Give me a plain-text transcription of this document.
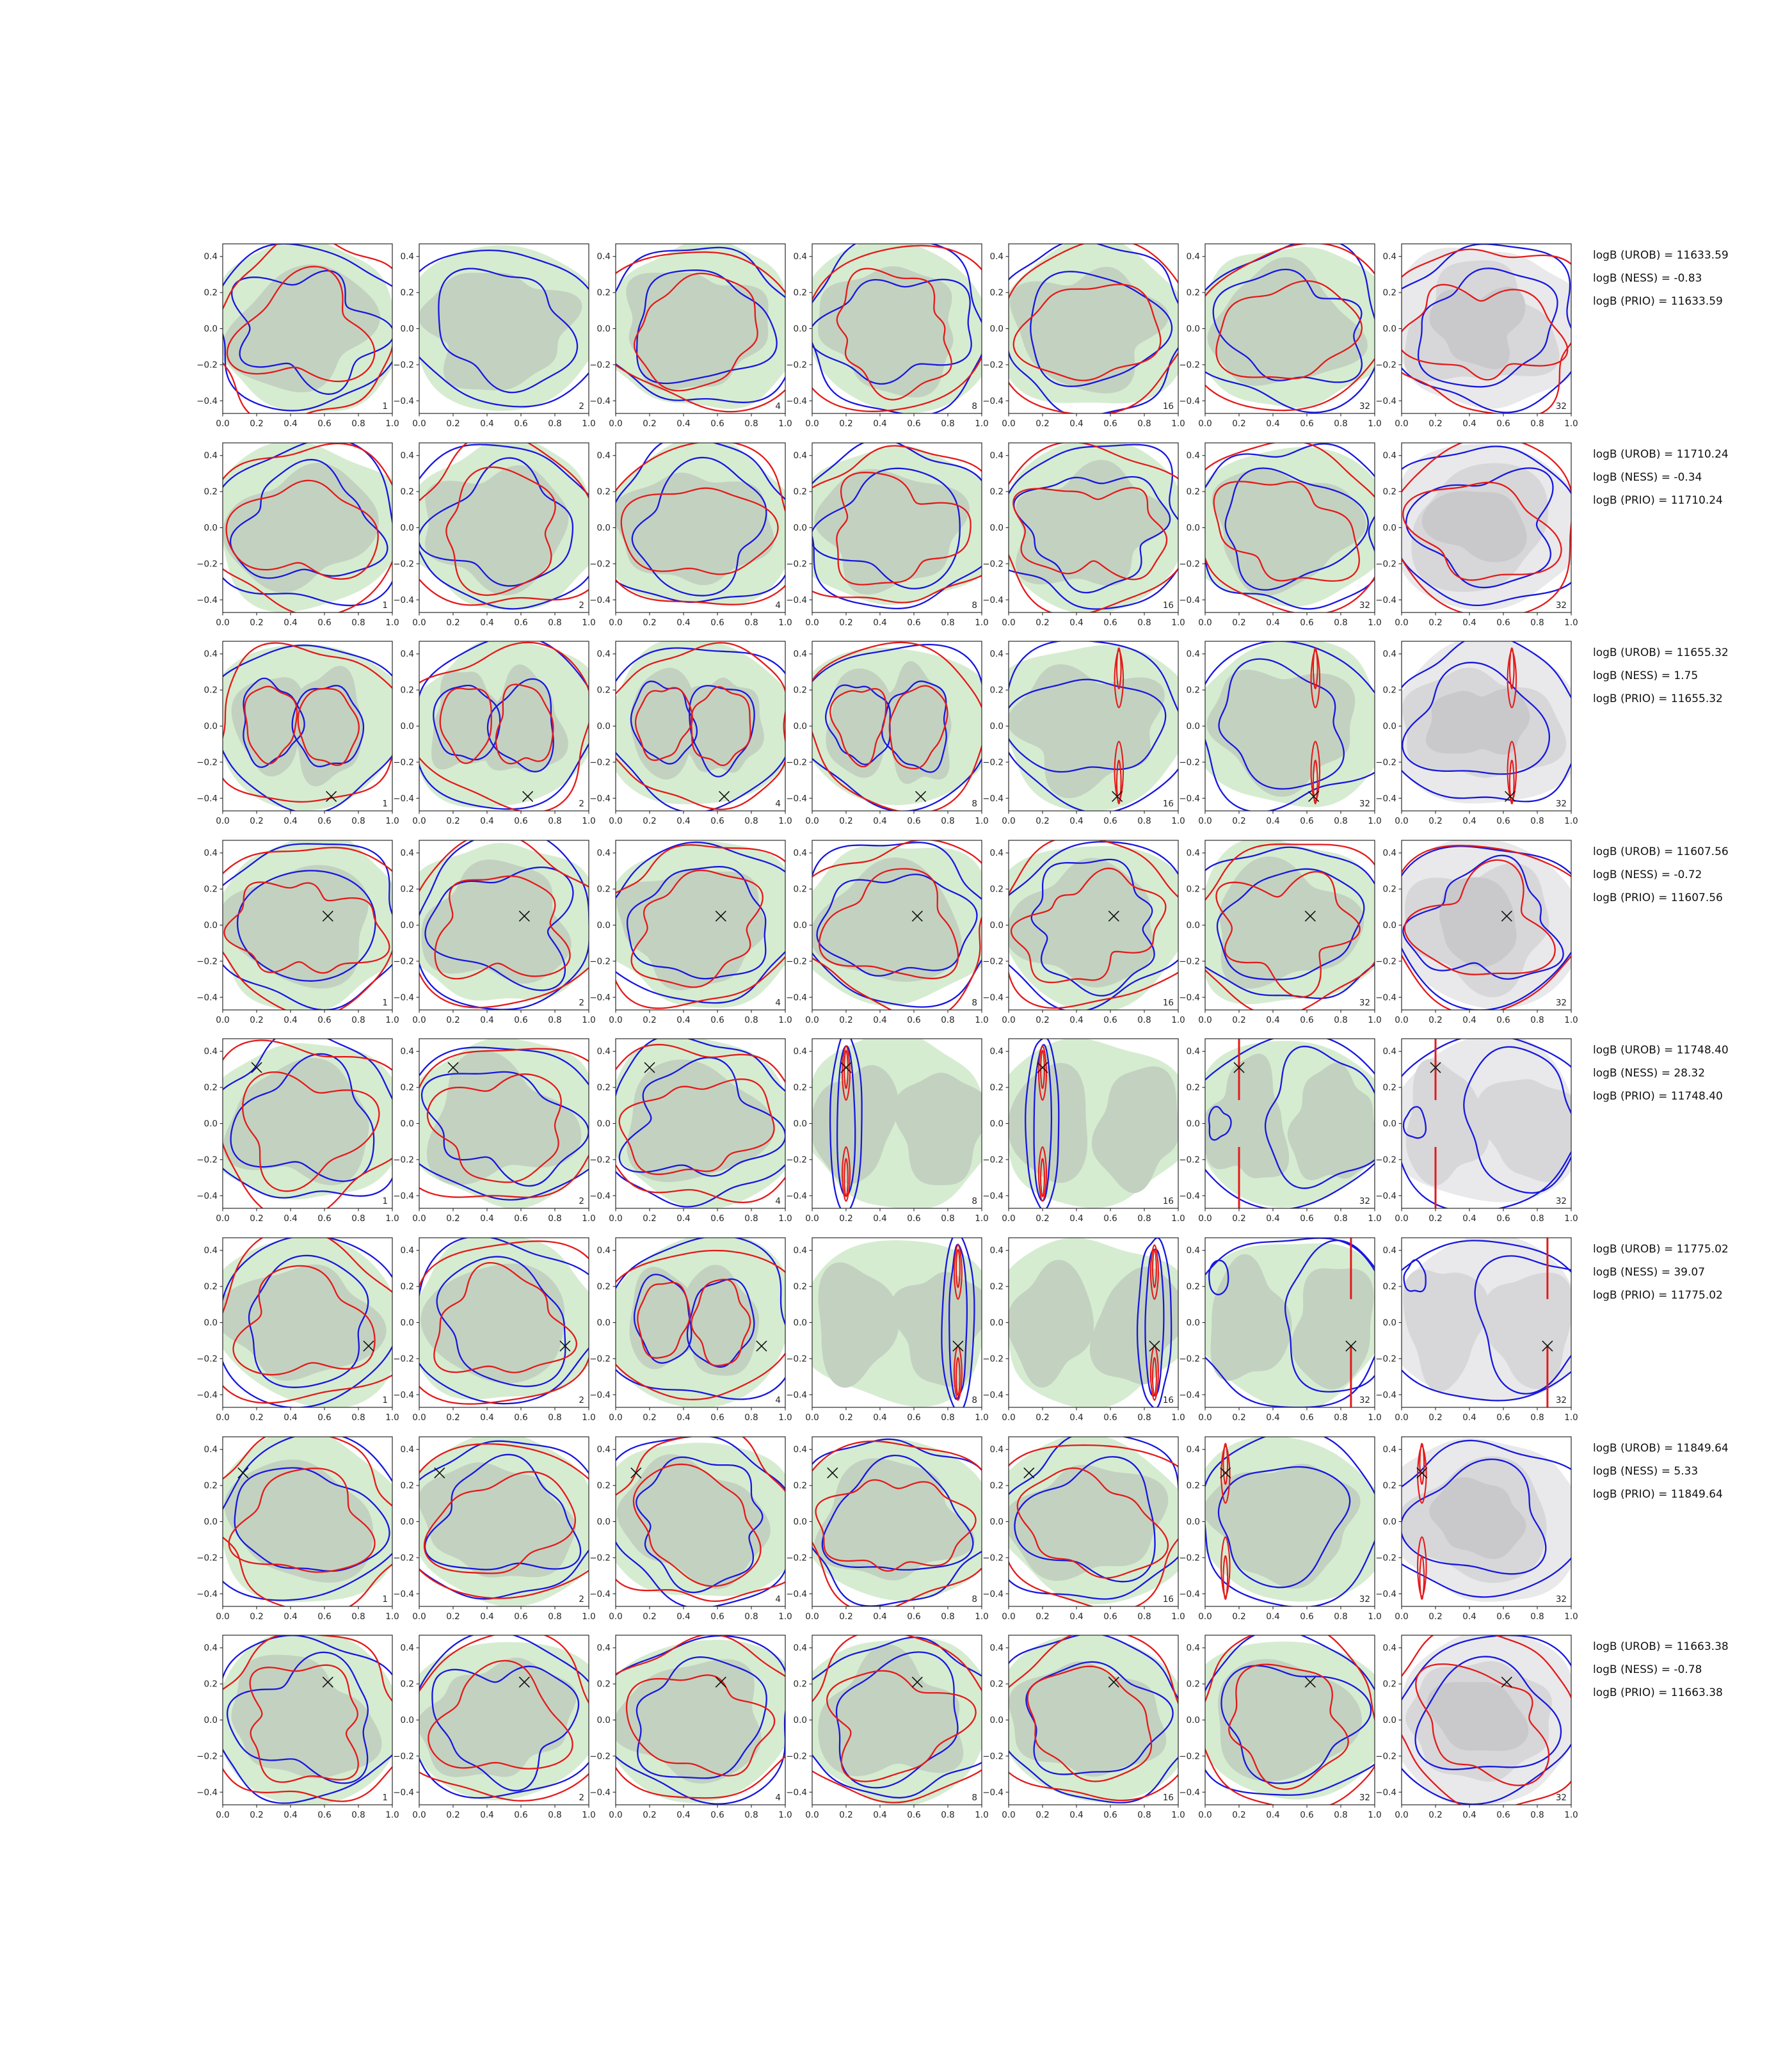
0.0 0.2 0.4 0.6 0.8 1.0
0.4
0.2
0.0
−0.2
−0.4
1
0.0 0.2 0.4 0.6 0.8 1.0
0.4
0.2
0.0
−0.2
−0.4
2
0.0 0.2 0.4 0.6 0.8 1.0
0.4
0.2
0.0
−0.2
−0.4
4
0.0 0.2 0.4 0.6 0.8 1.0
0.4
0.2
0.0
−0.2
−0.4
8
0.0 0.2 0.4 0.6 0.8 1.0
0.4
0.2
0.0
−0.2
−0.4
16
0.0 0.2 0.4 0.6 0.8 1.0
0.4
0.2
0.0
−0.2
−0.4
32
0.0 0.2 0.4 0.6 0.8 1.0
0.4
0.2
0.0
−0.2
−0.4
32
logB (UROB) = 11633.59
logB (NESS) = -0.83
logB (PRIO) = 11633.59
0.0 0.2 0.4 0.6 0.8 1.0
0.4
0.2
0.0
−0.2
−0.4
1
0.0 0.2 0.4 0.6 0.8 1.0
0.4
0.2
0.0
−0.2
−0.4
2
0.0 0.2 0.4 0.6 0.8 1.0
0.4
0.2
0.0
−0.2
−0.4
4
0.0 0.2 0.4 0.6 0.8 1.0
0.4
0.2
0.0
−0.2
−0.4
8
0.0 0.2 0.4 0.6 0.8 1.0
0.4
0.2
0.0
−0.2
−0.4
16
0.0 0.2 0.4 0.6 0.8 1.0
0.4
0.2
0.0
−0.2
−0.4
32
0.0 0.2 0.4 0.6 0.8 1.0
0.4
0.2
0.0
−0.2
−0.4
32
logB (UROB) = 11710.24
logB (NESS) = -0.34
logB (PRIO) = 11710.24
0.0 0.2 0.4 0.6 0.8 1.0
0.4
0.2
0.0
−0.2
−0.4
1
0.0 0.2 0.4 0.6 0.8 1.0
0.4
0.2
0.0
−0.2
−0.4
2
0.0 0.2 0.4 0.6 0.8 1.0
0.4
0.2
0.0
−0.2
−0.4
4
0.0 0.2 0.4 0.6 0.8 1.0
0.4
0.2
0.0
−0.2
−0.4
8
0.0 0.2 0.4 0.6 0.8 1.0
0.4
0.2
0.0
−0.2
−0.4
16
0.0 0.2 0.4 0.6 0.8 1.0
0.4
0.2
0.0
−0.2
−0.4
32
0.0 0.2 0.4 0.6 0.8 1.0
0.4
0.2
0.0
−0.2
−0.4
32
logB (UROB) = 11655.32
logB (NESS) = 1.75
logB (PRIO) = 11655.32
0.0 0.2 0.4 0.6 0.8 1.0
0.4
0.2
0.0
−0.2
−0.4
1
0.0 0.2 0.4 0.6 0.8 1.0
0.4
0.2
0.0
−0.2
−0.4
2
0.0 0.2 0.4 0.6 0.8 1.0
0.4
0.2
0.0
−0.2
−0.4
4
0.0 0.2 0.4 0.6 0.8 1.0
0.4
0.2
0.0
−0.2
−0.4
8
0.0 0.2 0.4 0.6 0.8 1.0
0.4
0.2
0.0
−0.2
−0.4
16
0.0 0.2 0.4 0.6 0.8 1.0
0.4
0.2
0.0
−0.2
−0.4
32
0.0 0.2 0.4 0.6 0.8 1.0
0.4
0.2
0.0
−0.2
−0.4
32
logB (UROB) = 11607.56
logB (NESS) = -0.72
logB (PRIO) = 11607.56
0.0 0.2 0.4 0.6 0.8 1.0
0.4
0.2
0.0
−0.2
−0.4
1
0.0 0.2 0.4 0.6 0.8 1.0
0.4
0.2
0.0
−0.2
−0.4
2
0.0 0.2 0.4 0.6 0.8 1.0
0.4
0.2
0.0
−0.2
−0.4
4
0.0 0.2 0.4 0.6 0.8 1.0
0.4
0.2
0.0
−0.2
−0.4
8
0.0 0.2 0.4 0.6 0.8 1.0
0.4
0.2
0.0
−0.2
−0.4
16
0.0 0.2 0.4 0.6 0.8 1.0
0.4
0.2
0.0
−0.2
−0.4
32
0.0 0.2 0.4 0.6 0.8 1.0
0.4
0.2
0.0
−0.2
−0.4
32
logB (UROB) = 11748.40
logB (NESS) = 28.32
logB (PRIO) = 11748.40
0.0 0.2 0.4 0.6 0.8 1.0
0.4
0.2
0.0
−0.2
−0.4
1
0.0 0.2 0.4 0.6 0.8 1.0
0.4
0.2
0.0
−0.2
−0.4
2
0.0 0.2 0.4 0.6 0.8 1.0
0.4
0.2
0.0
−0.2
−0.4
4
0.0 0.2 0.4 0.6 0.8 1.0
0.4
0.2
0.0
−0.2
−0.4
8
0.0 0.2 0.4 0.6 0.8 1.0
0.4
0.2
0.0
−0.2
−0.4
16
0.0 0.2 0.4 0.6 0.8 1.0
0.4
0.2
0.0
−0.2
−0.4
32
0.0 0.2 0.4 0.6 0.8 1.0
0.4
0.2
0.0
−0.2
−0.4
32
logB (UROB) = 11775.02
logB (NESS) = 39.07
logB (PRIO) = 11775.02
0.0 0.2 0.4 0.6 0.8 1.0
0.4
0.2
0.0
−0.2
−0.4
1
0.0 0.2 0.4 0.6 0.8 1.0
0.4
0.2
0.0
−0.2
−0.4
2
0.0 0.2 0.4 0.6 0.8 1.0
0.4
0.2
0.0
−0.2
−0.4
4
0.0 0.2 0.4 0.6 0.8 1.0
0.4
0.2
0.0
−0.2
−0.4
8
0.0 0.2 0.4 0.6 0.8 1.0
0.4
0.2
0.0
−0.2
−0.4
16
0.0 0.2 0.4 0.6 0.8 1.0
0.4
0.2
0.0
−0.2
−0.4
32
0.0 0.2 0.4 0.6 0.8 1.0
0.4
0.2
0.0
−0.2
−0.4
32
logB (UROB) = 11849.64
logB (NESS) = 5.33
logB (PRIO) = 11849.64
0.0 0.2 0.4 0.6 0.8 1.0
0.4
0.2
0.0
−0.2
−0.4
1
0.0 0.2 0.4 0.6 0.8 1.0
0.4
0.2
0.0
−0.2
−0.4
2
0.0 0.2 0.4 0.6 0.8 1.0
0.4
0.2
0.0
−0.2
−0.4
4
0.0 0.2 0.4 0.6 0.8 1.0
0.4
0.2
0.0
−0.2
−0.4
8
0.0 0.2 0.4 0.6 0.8 1.0
0.4
0.2
0.0
−0.2
−0.4
16
0.0 0.2 0.4 0.6 0.8 1.0
0.4
0.2
0.0
−0.2
−0.4
32
0.0 0.2 0.4 0.6 0.8 1.0
0.4
0.2
0.0
−0.2
−0.4
32
logB (UROB) = 11663.38
logB (NESS) = -0.78
logB (PRIO) = 11663.38
